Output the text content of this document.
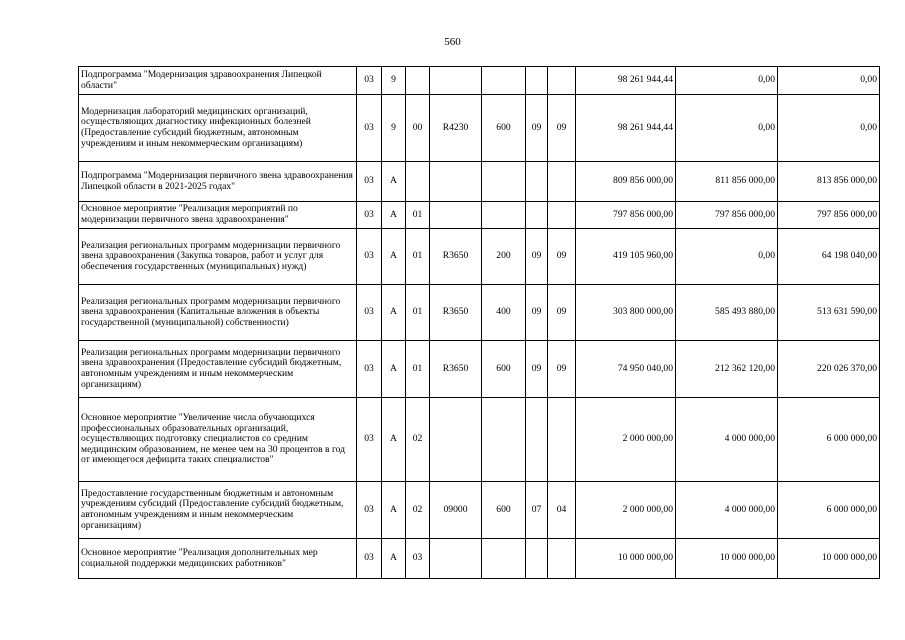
560
Подпрограмма "Модернизация здравоохранения Липецкой области"	03	9						98 261 944,44	0,00	0,00
Модернизация лабораторий медицинских организаций, осуществляющих диагностику инфекционных болезней (Предоставление субсидий бюджетным, автономным учреждениям и иным некоммерческим организациям)	03	9	00	R4230	600	09	09	98 261 944,44	0,00	0,00
Подпрограмма "Модернизация первичного звена здравоохранения Липецкой области в 2021-2025 годах"	03	А						809 856 000,00	811 856 000,00	813 856 000,00
Основное мероприятие "Реализация мероприятий по модернизации первичного звена здравоохранения"	03	А	01					797 856 000,00	797 856 000,00	797 856 000,00
Реализация региональных программ модернизации первичного звена здравоохранения (Закупка товаров, работ и услуг для обеспечения государственных (муниципальных) нужд)	03	А	01	R3650	200	09	09	419 105 960,00	0,00	64 198 040,00
Реализация региональных программ модернизации первичного звена здравоохранения (Капитальные вложения в объекты государственной (муниципальной) собственности)	03	А	01	R3650	400	09	09	303 800 000,00	585 493 880,00	513 631 590,00
Реализация региональных программ модернизации первичного звена здравоохранения (Предоставление субсидий бюджетным, автономным учреждениям и иным некоммерческим организациям)	03	А	01	R3650	600	09	09	74 950 040,00	212 362 120,00	220 026 370,00
Основное мероприятие "Увеличение числа обучающихся профессиональных образовательных организаций, осуществляющих подготовку специалистов со средним медицинским образованием, не менее чем на 30 процентов в год от имеющегося дефицита таких специалистов"	03	А	02					2 000 000,00	4 000 000,00	6 000 000,00
Предоставление государственным бюджетным и автономным учреждениям субсидий (Предоставление субсидий бюджетным, автономным учреждениям и иным некоммерческим организациям)	03	А	02	09000	600	07	04	2 000 000,00	4 000 000,00	6 000 000,00
Основное мероприятие "Реализация дополнительных мер социальной поддержки медицинских работников"	03	А	03					10 000 000,00	10 000 000,00	10 000 000,00
